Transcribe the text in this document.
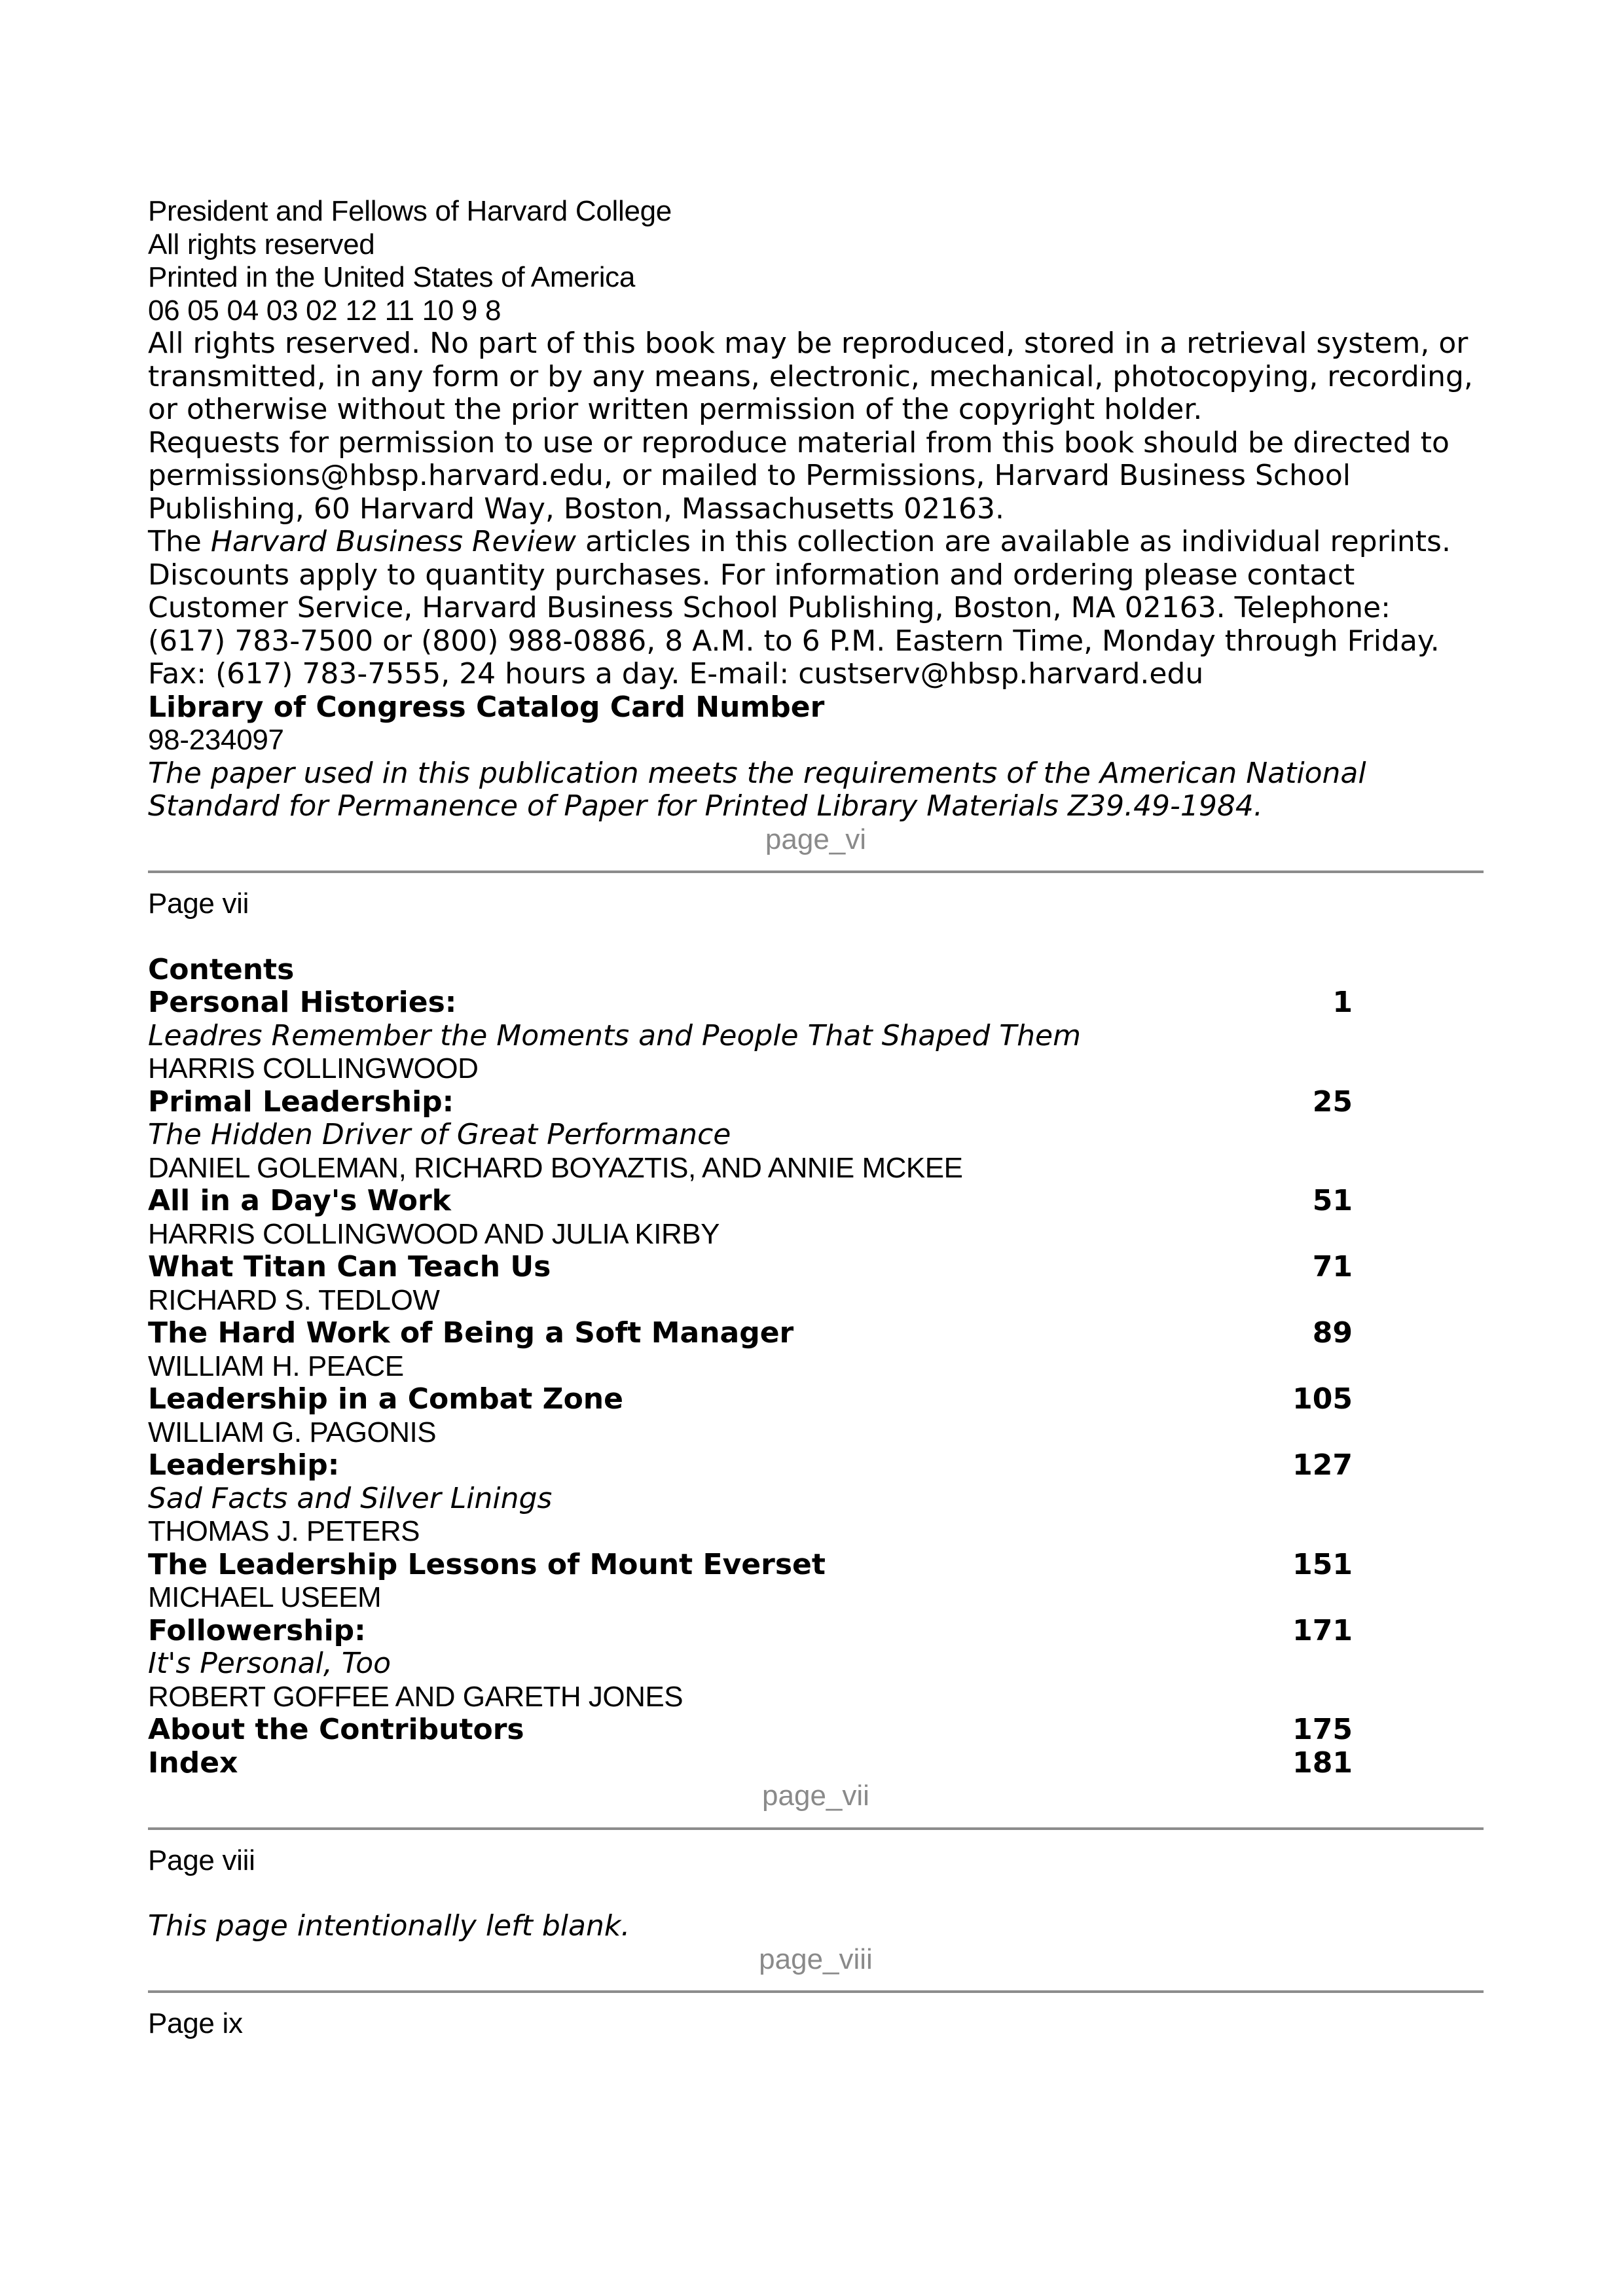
President and Fellows of Harvard College
All rights reserved
Printed in the United States of America
06 05 04 03 02 12 11 10 9 8
All rights reserved. No part of this book may be reproduced, stored in a retrieval system, or transmitted, in any form or by any means, electronic, mechanical, photocopying, recording, or otherwise without the prior written permission of the copyright holder.
Requests for permission to use or reproduce material from this book should be directed to permissions@hbsp.harvard.edu, or mailed to Permissions, Harvard Business School Publishing, 60 Harvard Way, Boston, Massachusetts 02163.
The Harvard Business Review articles in this collection are available as individual reprints. Discounts apply to quantity purchases. For information and ordering please contact Customer Service, Harvard Business School Publishing, Boston, MA 02163. Telephone: (617) 783-7500 or (800) 988-0886, 8 A.M. to 6 P.M. Eastern Time, Monday through Friday. Fax: (617) 783-7555, 24 hours a day. E-mail: custserv@hbsp.harvard.edu
Library of Congress Catalog Card Number
98-234097
The paper used in this publication meets the requirements of the American National Standard for Permanence of Paper for Printed Library Materials Z39.49-1984.
page_vi
Page vii
Contents
Personal Histories:	1
Leadres Remember the Moments and People That Shaped Them
HARRIS COLLINGWOOD
Primal Leadership:	25
The Hidden Driver of Great Performance
DANIEL GOLEMAN, RICHARD BOYAZTIS, AND ANNIE MCKEE
All in a Day's Work	51
HARRIS COLLINGWOOD AND JULIA KIRBY
What Titan Can Teach Us	71
RICHARD S. TEDLOW
The Hard Work of Being a Soft Manager	89
WILLIAM H. PEACE
Leadership in a Combat Zone	105
WILLIAM G. PAGONIS
Leadership:	127
Sad Facts and Silver Linings
THOMAS J. PETERS
The Leadership Lessons of Mount Everset	151
MICHAEL USEEM
Followership:	171
It's Personal, Too
ROBERT GOFFEE AND GARETH JONES
About the Contributors	175
Index	181
page_vii
Page viii
This page intentionally left blank.
page_viii
Page ix
